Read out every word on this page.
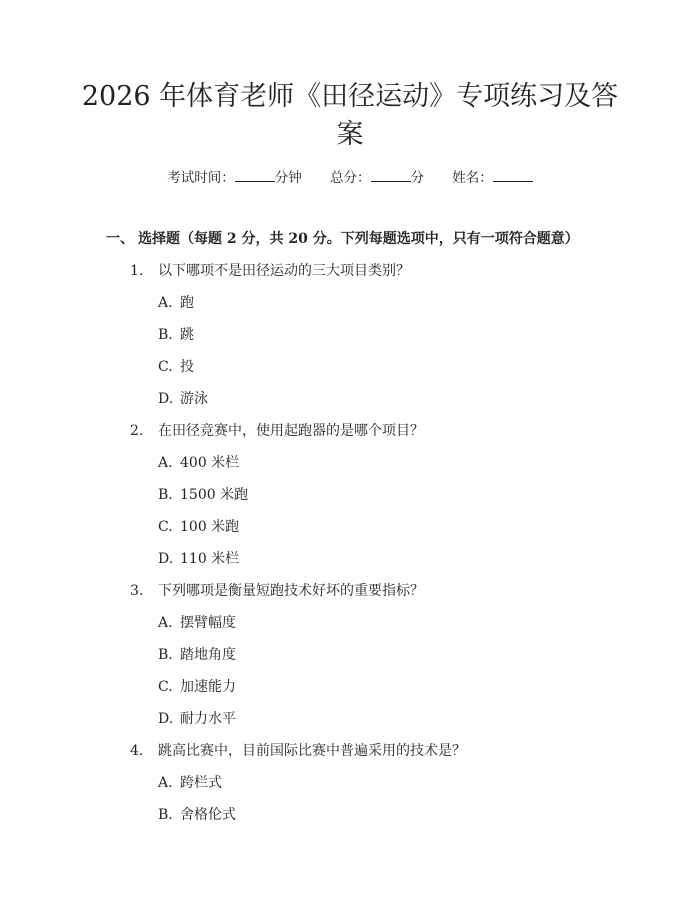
2026 年体育老师《田径运动》专项练习及答
案
考试时间：	分钟 总分：	分 姓名：
一、 选择题（每题 2 分，共 20 分。下列每题选项中，只有一项符合题意）
1. 以下哪项不是田径运动的三大项目类别？
A. 跑
B. 跳
C. 投
D. 游泳
2. 在田径竞赛中，使用起跑器的是哪个项目？
A. 400 米栏
B. 1500 米跑
C. 100 米跑
D. 110 米栏
3. 下列哪项是衡量短跑技术好坏的重要指标？
A. 摆臂幅度
B. 踏地角度
C. 加速能力
D. 耐力水平
4. 跳高比赛中，目前国际比赛中普遍采用的技术是？
A. 跨栏式
B. 舍格伦式
